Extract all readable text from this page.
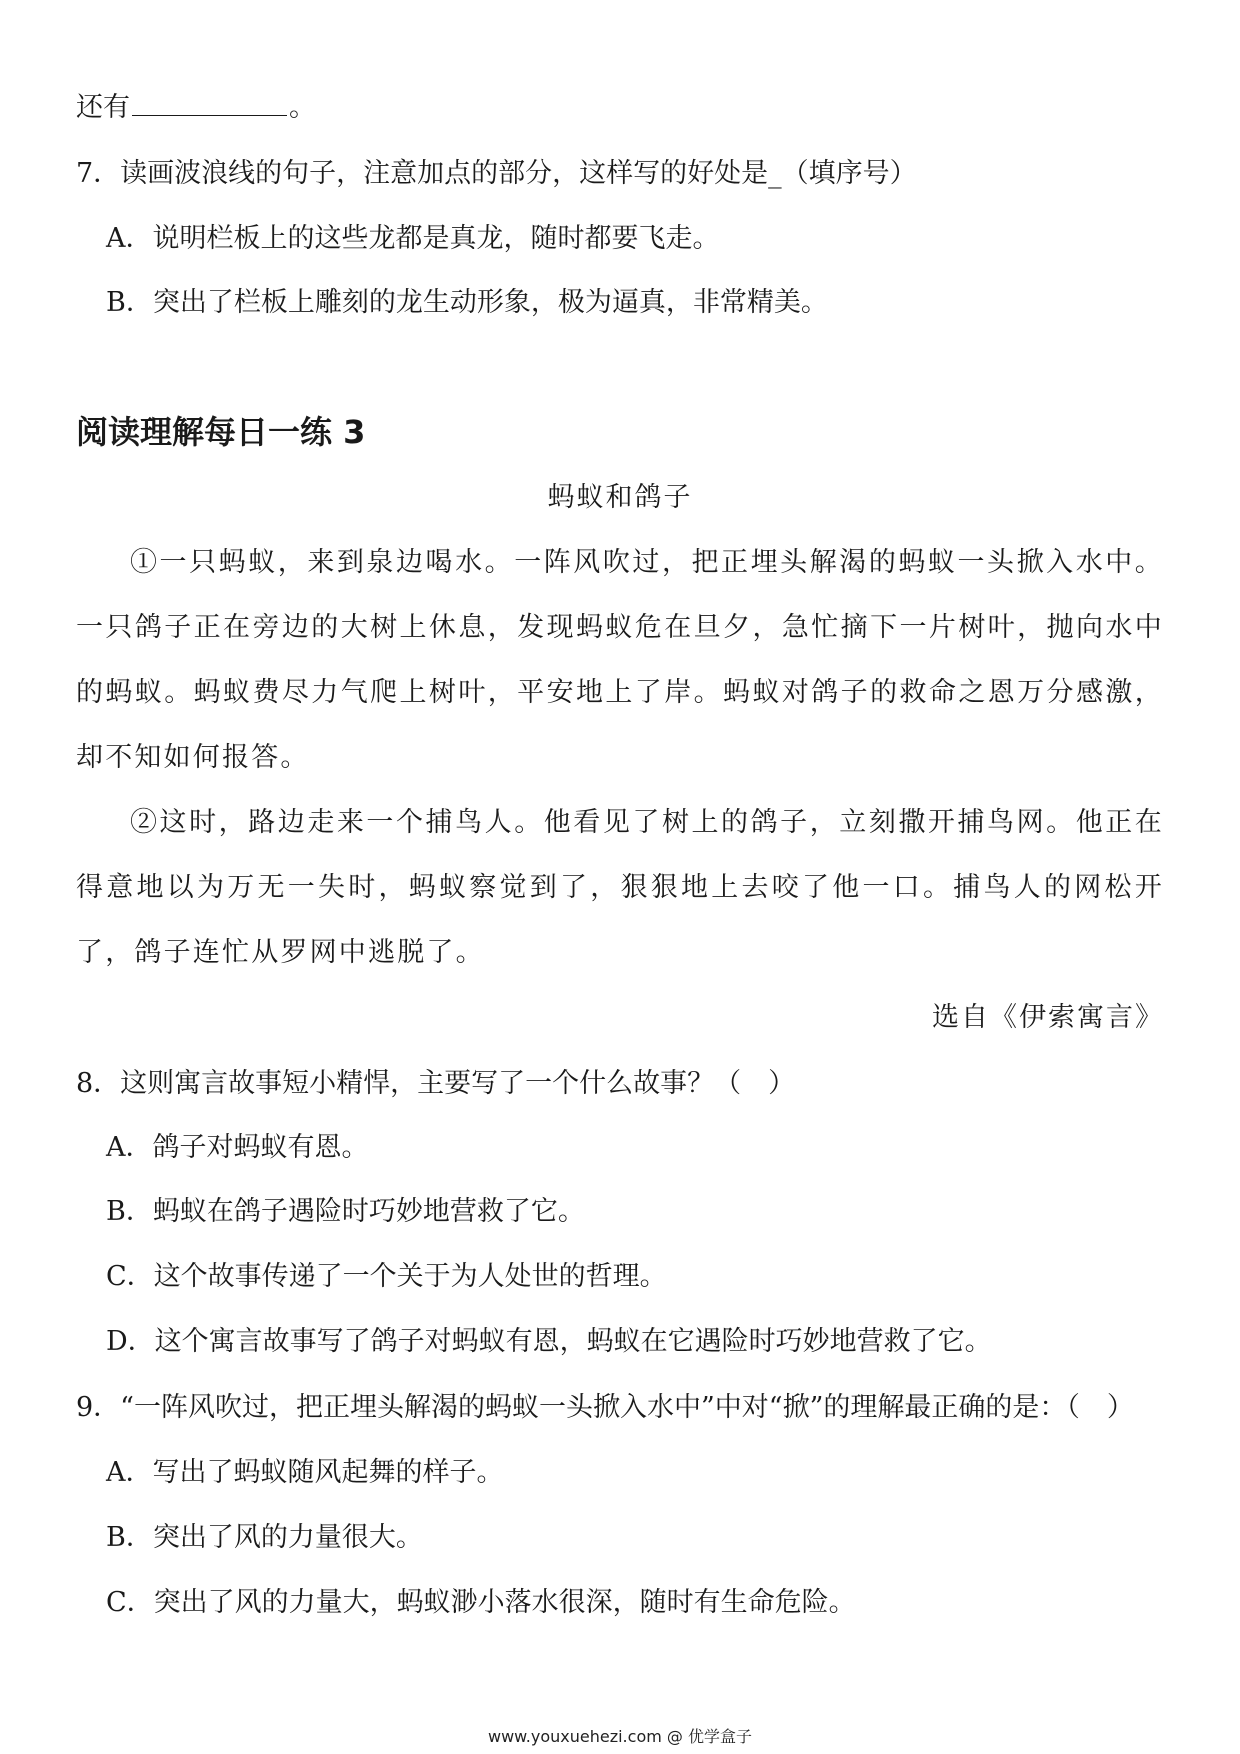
还有	。
7．读画波浪线的句子，注意加点的部分，这样写的好处是_（填序号）
A．说明栏板上的这些龙都是真龙，随时都要飞走。
B．突出了栏板上雕刻的龙生动形象，极为逼真，非常精美。
阅读理解每日一练 3
蚂蚁和鸽子
①一只蚂蚁，来到泉边喝水。一阵风吹过，把正埋头解渴的蚂蚁一头掀入水中。一只鸽子正在旁边的大树上休息，发现蚂蚁危在旦夕，急忙摘下一片树叶，抛向水中的蚂蚁。蚂蚁费尽力气爬上树叶，平安地上了岸。蚂蚁对鸽子的救命之恩万分感激，却不知如何报答。
②这时，路边走来一个捕鸟人。他看见了树上的鸽子，立刻撒开捕鸟网。他正在得意地以为万无一失时，蚂蚁察觉到了，狠狠地上去咬了他一口。捕鸟人的网松开了，鸽子连忙从罗网中逃脱了。
选自《伊索寓言》
8．这则寓言故事短小精悍，主要写了一个什么故事？（　）
A．鸽子对蚂蚁有恩。
B．蚂蚁在鸽子遇险时巧妙地营救了它。
C．这个故事传递了一个关于为人处世的哲理。
D．这个寓言故事写了鸽子对蚂蚁有恩，蚂蚁在它遇险时巧妙地营救了它。
9．“一阵风吹过，把正埋头解渴的蚂蚁一头掀入水中”中对“掀”的理解最正确的是：（　）
A．写出了蚂蚁随风起舞的样子。
B．突出了风的力量很大。
C．突出了风的力量大，蚂蚁渺小落水很深，随时有生命危险。
www.youxuehezi.com @ 优学盒子
